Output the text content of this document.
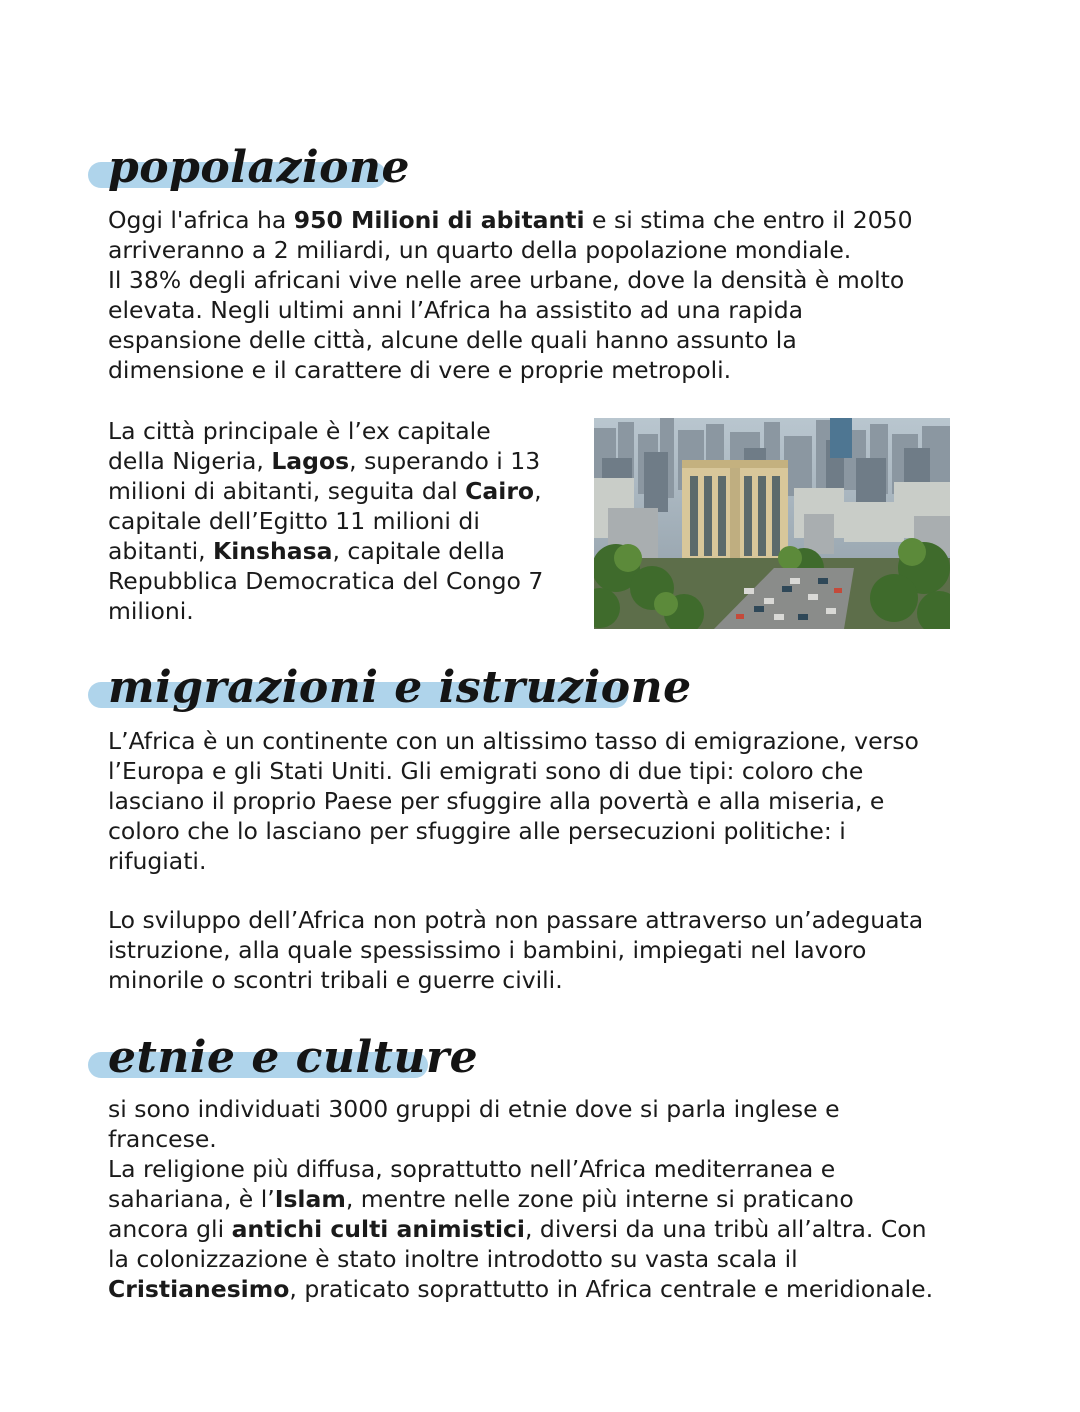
popolazione
Oggi l'africa ha 950 Milioni di abitanti e si stima che entro il 2050
arriveranno a 2 miliardi, un quarto della popolazione mondiale.
Il 38% degli africani vive nelle aree urbane, dove la densità è molto
elevata. Negli ultimi anni l’Africa ha assistito ad una rapida
espansione delle città, alcune delle quali hanno assunto la
dimensione e il carattere di vere e proprie metropoli.
La città principale è l’ex capitale
della Nigeria, Lagos, superando i 13
milioni di abitanti, seguita dal Cairo,
capitale dell’Egitto 11 milioni di
abitanti, Kinshasa, capitale della
Repubblica Democratica del Congo 7
milioni.
migrazioni e istruzione
L’Africa è un continente con un altissimo tasso di emigrazione, verso
l’Europa e gli Stati Uniti. Gli emigrati sono di due tipi: coloro che
lasciano il proprio Paese per sfuggire alla povertà e alla miseria, e
coloro che lo lasciano per sfuggire alle persecuzioni politiche: i
rifugiati.
Lo sviluppo dell’Africa non potrà non passare attraverso un’adeguata
istruzione, alla quale spessissimo i bambini, impiegati nel lavoro
minorile o scontri tribali e guerre civili.
etnie e culture
si sono individuati 3000 gruppi di etnie dove si parla inglese e
francese.
La religione più diffusa, soprattutto nell’Africa mediterranea e
sahariana, è l’Islam, mentre nelle zone più interne si praticano
ancora gli antichi culti animistici, diversi da una tribù all’altra. Con
la colonizzazione è stato inoltre introdotto su vasta scala il
Cristianesimo, praticato soprattutto in Africa centrale e meridionale.
